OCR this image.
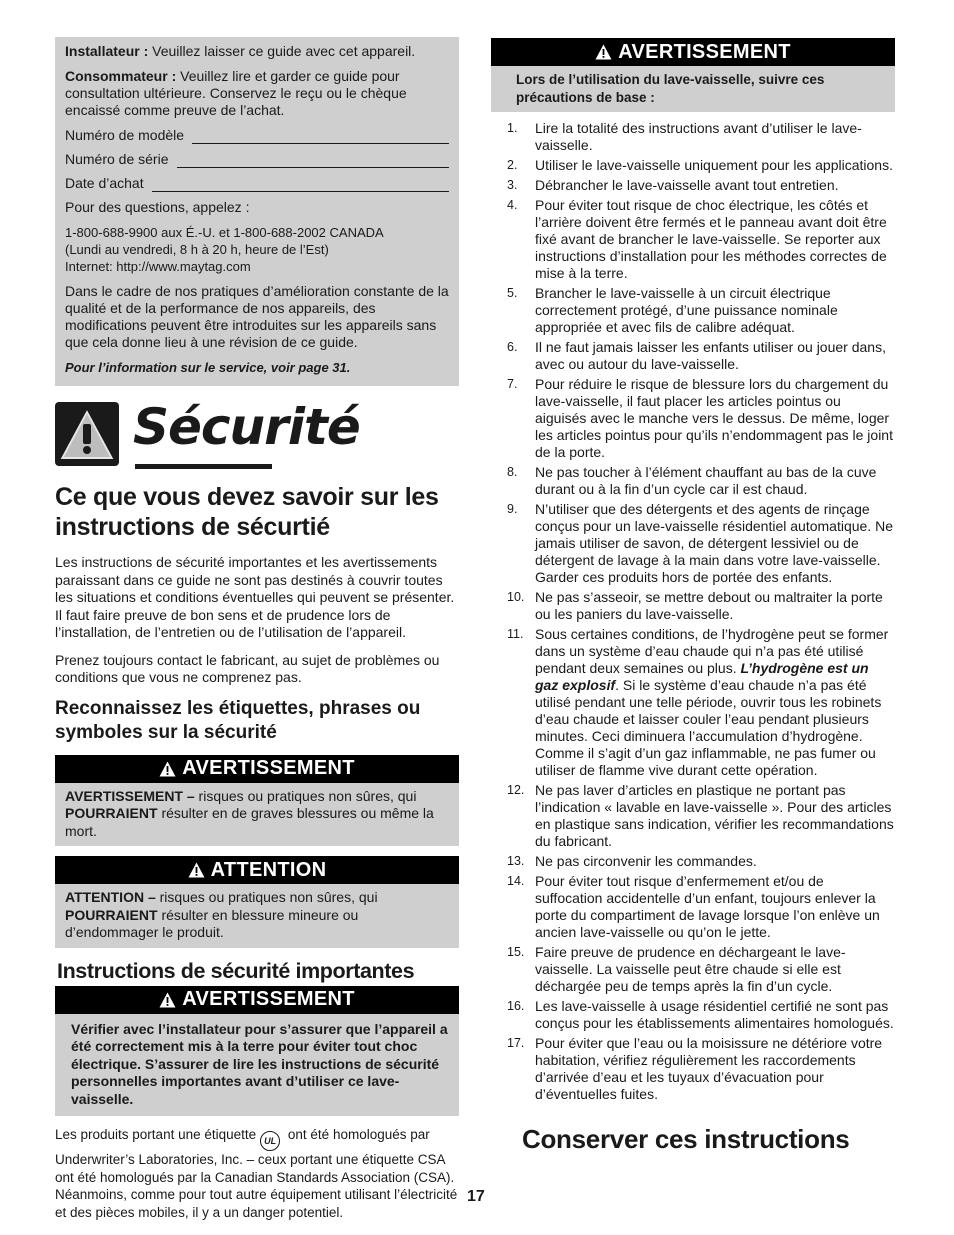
Installateur : Veuillez laisser ce guide avec cet appareil.

Consommateur : Veuillez lire et garder ce guide pour consultation ultérieure. Conservez le reçu ou le chèque encaissé comme preuve de l’achat.

Numéro de modèle
Numéro de série
Date d’achat

Pour des questions, appelez :

1-800-688-9900 aux É.-U. et 1-800-688-2002 CANADA

(Lundi au vendredi, 8 h à 20 h, heure de l’Est)

Internet: http://www.maytag.com

Dans le cadre de nos pratiques d’amélioration constante de la qualité et de la performance de nos appareils, des modifications peuvent être introduites sur les appareils sans que cela donne lieu à une révision de ce guide.

Pour l’information sur le service, voir page 31.

Sécurité
Ce que vous devez savoir sur les instructions de sécurtié

Les instructions de sécurité importantes et les avertissements paraissant dans ce guide ne sont pas destinés à couvrir toutes les situations et conditions éventuelles qui peuvent se présenter. Il faut faire preuve de bon sens et de prudence lors de l’installation, de l’entretien ou de l’utilisation de l’appareil.

Prenez toujours contact le fabricant, au sujet de problèmes ou conditions que vous ne comprenez pas.

Reconnaissez les étiquettes, phrases ou symboles sur la sécurité
AVERTISSEMENT
AVERTISSEMENT – risques ou pratiques non sûres, qui POURRAIENT résulter en de graves blessures ou même la mort.
ATTENTION
ATTENTION – risques ou pratiques non sûres, qui POURRAIENT résulter en blessure mineure ou d’endommager le produit.
Instructions de sécurité importantes
AVERTISSEMENT
Vérifier avec l’installateur pour s’assurer que l’appareil a été correctement mis à la terre pour éviter tout choc électrique. S’assurer de lire les instructions de sécurité personnelles importantes avant d’utiliser ce lave-vaisselle.

Les produits portant une étiquette UL ont été homologués par Underwriter’s Laboratories, Inc. – ceux portant une étiquette CSA ont été homologués par la Canadian Standards Association (CSA). Néanmoins, comme pour tout autre équipement utilisant l’électricité et des pièces mobiles, il y a un danger potentiel.

AVERTISSEMENT
Lors de l’utilisation du lave-vaisselle, suivre ces précautions de base :
1. Lire la totalité des instructions avant d’utiliser le lave-vaisselle.
2. Utiliser le lave-vaisselle uniquement pour les applications.
3. Débrancher le lave-vaisselle avant tout entretien.
4. Pour éviter tout risque de choc électrique, les côtés et l’arrière doivent être fermés et le panneau avant doit être fixé avant de brancher le lave-vaisselle. Se reporter aux instructions d’installation pour les méthodes correctes de mise à la terre.
5. Brancher le lave-vaisselle à un circuit électrique correctement protégé, d’une puissance nominale appropriée et avec fils de calibre adéquat.
6. Il ne faut jamais laisser les enfants utiliser ou jouer dans, avec ou autour du lave-vaisselle.
7. Pour réduire le risque de blessure lors du chargement du lave-vaisselle, il faut placer les articles pointus ou aiguisés avec le manche vers le dessus. De même, loger les articles pointus pour qu’ils n’endommagent pas le joint de la porte.
8. Ne pas toucher à l’élément chauffant au bas de la cuve durant ou à la fin d’un cycle car il est chaud.
9. N’utiliser que des détergents et des agents de rinçage conçus pour un lave-vaisselle résidentiel automatique. Ne jamais utiliser de savon, de détergent lessiviel ou de détergent de lavage à la main dans votre lave-vaisselle. Garder ces produits hors de portée des enfants.
10. Ne pas s’asseoir, se mettre debout ou maltraiter la porte ou les paniers du lave-vaisselle.
11. Sous certaines conditions, de l’hydrogène peut se former dans un système d’eau chaude qui n’a pas été utilisé pendant deux semaines ou plus. L’hydrogène est un gaz explosif. Si le système d’eau chaude n’a pas été utilisé pendant une telle période, ouvrir tous les robinets d’eau chaude et laisser couler l’eau pendant plusieurs minutes. Ceci diminuera l’accumulation d’hydrogène. Comme il s’agit d’un gaz inflammable, ne pas fumer ou utiliser de flamme vive durant cette opération.
12. Ne pas laver d’articles en plastique ne portant pas l’indication « lavable en lave-vaisselle ». Pour des articles en plastique sans indication, vérifier les recommandations du fabricant.
13. Ne pas circonvenir les commandes.
14. Pour éviter tout risque d’enfermement et/ou de suffocation accidentelle d’un enfant, toujours enlever la porte du compartiment de lavage lorsque l’on enlève un ancien lave-vaisselle ou qu’on le jette.
15. Faire preuve de prudence en déchargeant le lave-vaisselle. La vaisselle peut être chaude si elle est déchargée peu de temps après la fin d’un cycle.
16. Les lave-vaisselle à usage résidentiel certifié ne sont pas conçus pour les établissements alimentaires homologués.
17. Pour éviter que l’eau ou la moisissure ne détériore votre habitation, vérifiez régulièrement les raccordements d’arrivée d’eau et les tuyaux d’évacuation pour d’éventuelles fuites.
Conserver ces instructions
17
